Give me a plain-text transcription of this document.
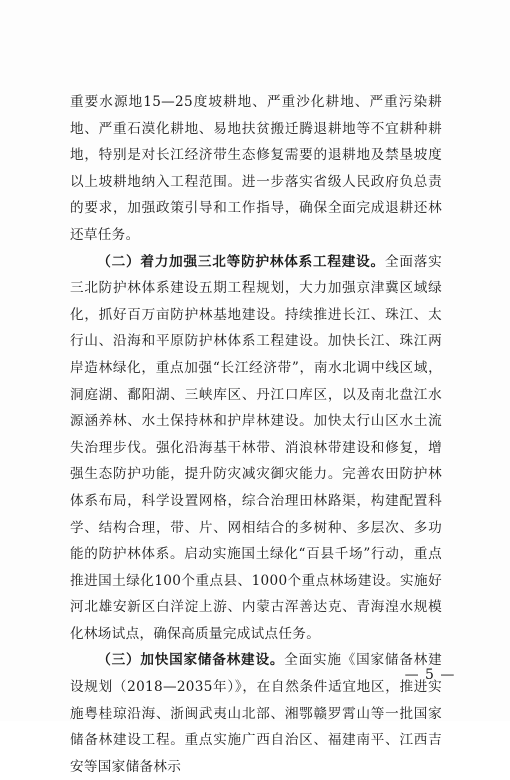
重要水源地15—25度坡耕地、严重沙化耕地、严重污染耕地、严重石漠化耕地、易地扶贫搬迁腾退耕地等不宜耕种耕地，特别是对长江经济带生态修复需要的退耕地及禁垦坡度以上坡耕地纳入工程范围。进一步落实省级人民政府负总责的要求，加强政策引导和工作指导，确保全面完成退耕还林还草任务。

（二）着力加强三北等防护林体系工程建设。全面落实三北防护林体系建设五期工程规划，大力加强京津冀区域绿化，抓好百万亩防护林基地建设。持续推进长江、珠江、太行山、沿海和平原防护林体系工程建设。加快长江、珠江两岸造林绿化，重点加强“长江经济带”，南水北调中线区域，洞庭湖、鄱阳湖、三峡库区、丹江口库区，以及南北盘江水源涵养林、水土保持林和护岸林建设。加快太行山区水土流失治理步伐。强化沿海基干林带、消浪林带建设和修复，增强生态防护功能，提升防灾减灾御灾能力。完善农田防护林体系布局，科学设置网格，综合治理田林路渠，构建配置科学、结构合理，带、片、网相结合的多树种、多层次、多功能的防护林体系。启动实施国土绿化“百县千场”行动，重点推进国土绿化100个重点县、1000个重点林场建设。实施好河北雄安新区白洋淀上游、内蒙古浑善达克、青海湟水规模化林场试点，确保高质量完成试点任务。

（三）加快国家储备林建设。全面实施《国家储备林建设规划（2018—2035年）》，在自然条件适宜地区，推进实施粤桂琼沿海、浙闽武夷山北部、湘鄂赣罗霄山等一批国家储备林建设工程。重点实施广西自治区、福建南平、江西吉安等国家储备林示

— 5 —
